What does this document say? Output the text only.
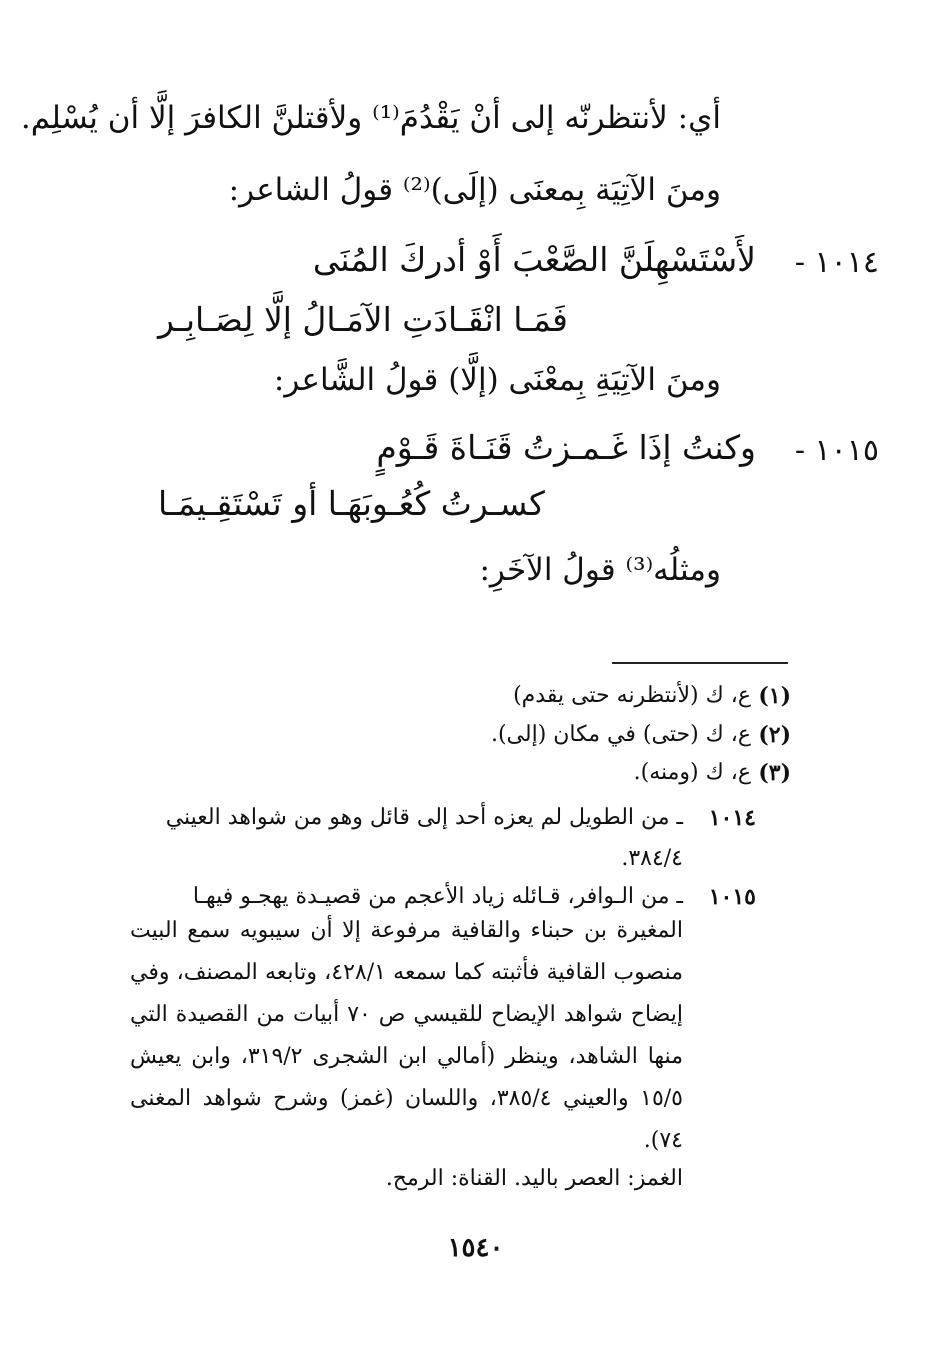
أي: لأنتظرنّه إلى أنْ يَقْدُمَ⁽¹⁾ ولأقتلنَّ الكافرَ إلَّا أن يُسْلِم.
ومنَ الآتِيَة بِمعنَى (إلَى)⁽²⁾ قولُ الشاعر:
١٠١٤ -
لأَسْتَسْهِلَنَّ الصَّعْبَ أَوْ أدركَ المُنَى
فَمَـا انْقَـادَتِ الآمَـالُ إلَّا لِصَـابِـر
ومنَ الآتِيَةِ بِمعْنَى (إلَّا) قولُ الشَّاعر:
١٠١٥ -
وكنتُ إذَا غَـمـزتُ قَنَـاةَ قَـوْمٍ
كسـرتُ كُعُـوبَهَـا أو تَسْتَقِـيمَـا
ومثلُه⁽³⁾ قولُ الآخَرِ:
(١)
ع، ك (لأنتظرنه حتى يقدم)
(٢)
ع، ك (حتى) في مكان (إلى).
(٣)
ع، ك (ومنه).
١٠١٤
ـ من الطويل لم يعزه أحد إلى قائل وهو من شواهد العيني
٣٨٤/٤.
١٠١٥
ـ من الـوافر، قـائله زياد الأعجم من قصيـدة يهجـو فيهـا
المغيرة بن حبناء والقافية مرفوعة إلا أن سيبويه سمع البيت منصوب القافية فأثبته كما سمعه ٤٢٨/١، وتابعه المصنف، وفي إيضاح شواهد الإيضاح للقيسي ص ٧٠ أبيات من القصيدة التي منها الشاهد، وينظر (أمالي ابن الشجرى ٣١٩/٢، وابن يعيش ١٥/٥ والعيني ٣٨٥/٤، واللسان (غمز) وشرح شواهد المغنى ٧٤).
الغمز: العصر باليد. القناة: الرمح.
١٥٤٠
